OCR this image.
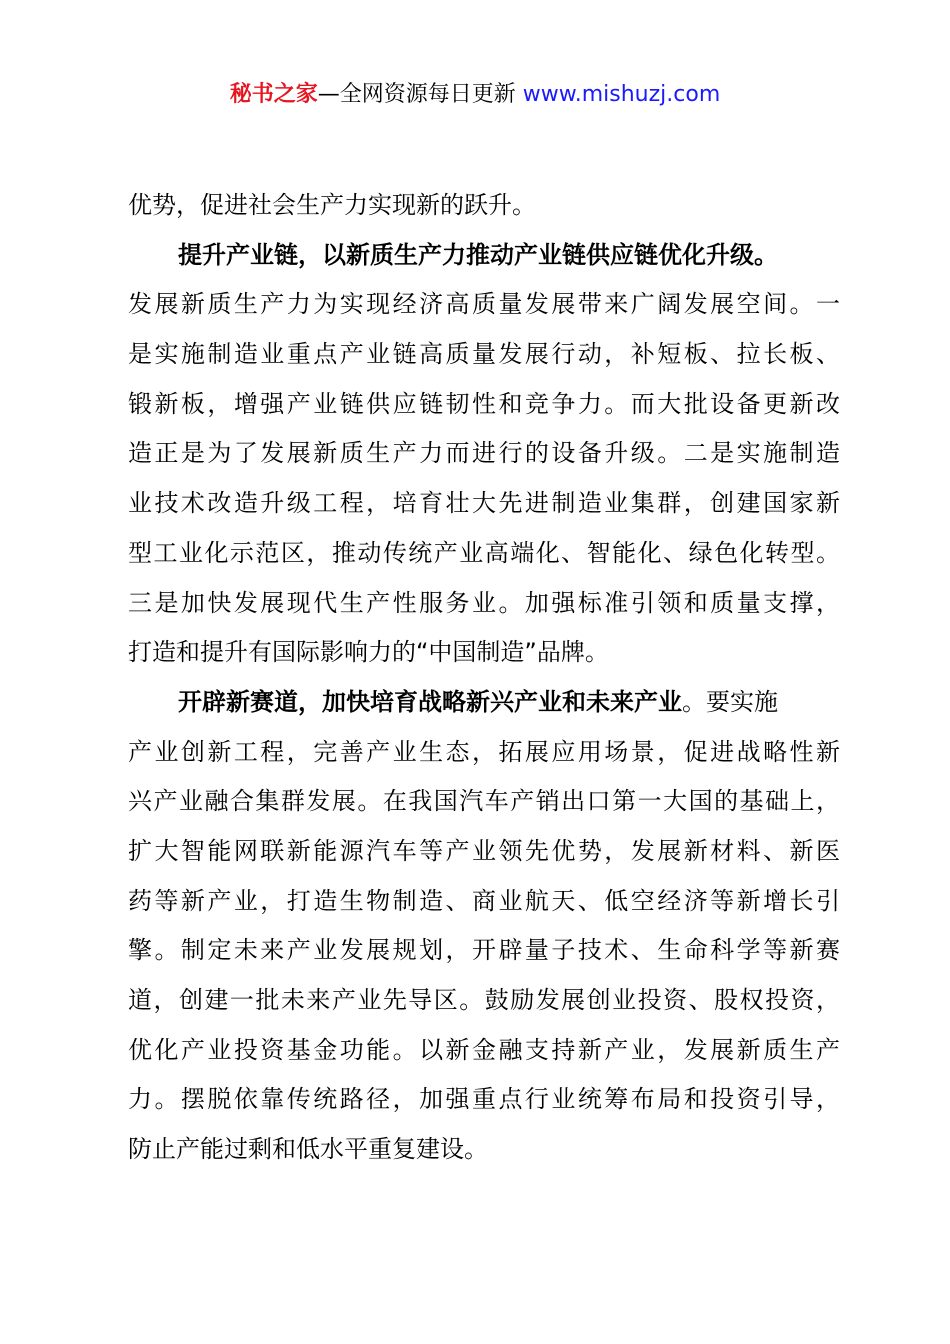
秘书之家—全网资源每日更新 www.mishuzj.com
优势，促进社会生产力实现新的跃升。
提升产业链，以新质生产力推动产业链供应链优化升级。
发展新质生产力为实现经济高质量发展带来广阔发展空间。一
是实施制造业重点产业链高质量发展行动，补短板、拉长板、
锻新板，增强产业链供应链韧性和竞争力。而大批设备更新改
造正是为了发展新质生产力而进行的设备升级。二是实施制造
业技术改造升级工程，培育壮大先进制造业集群，创建国家新
型工业化示范区，推动传统产业高端化、智能化、绿色化转型。
三是加快发展现代生产性服务业。加强标准引领和质量支撑，
打造和提升有国际影响力的“中国制造”品牌。
开辟新赛道，加快培育战略新兴产业和未来产业。要实施
产业创新工程，完善产业生态，拓展应用场景，促进战略性新
兴产业融合集群发展。在我国汽车产销出口第一大国的基础上，
扩大智能网联新能源汽车等产业领先优势，发展新材料、新医
药等新产业，打造生物制造、商业航天、低空经济等新增长引
擎。制定未来产业发展规划，开辟量子技术、生命科学等新赛
道，创建一批未来产业先导区。鼓励发展创业投资、股权投资，
优化产业投资基金功能。以新金融支持新产业，发展新质生产
力。摆脱依靠传统路径，加强重点行业统筹布局和投资引导，
防止产能过剩和低水平重复建设。
